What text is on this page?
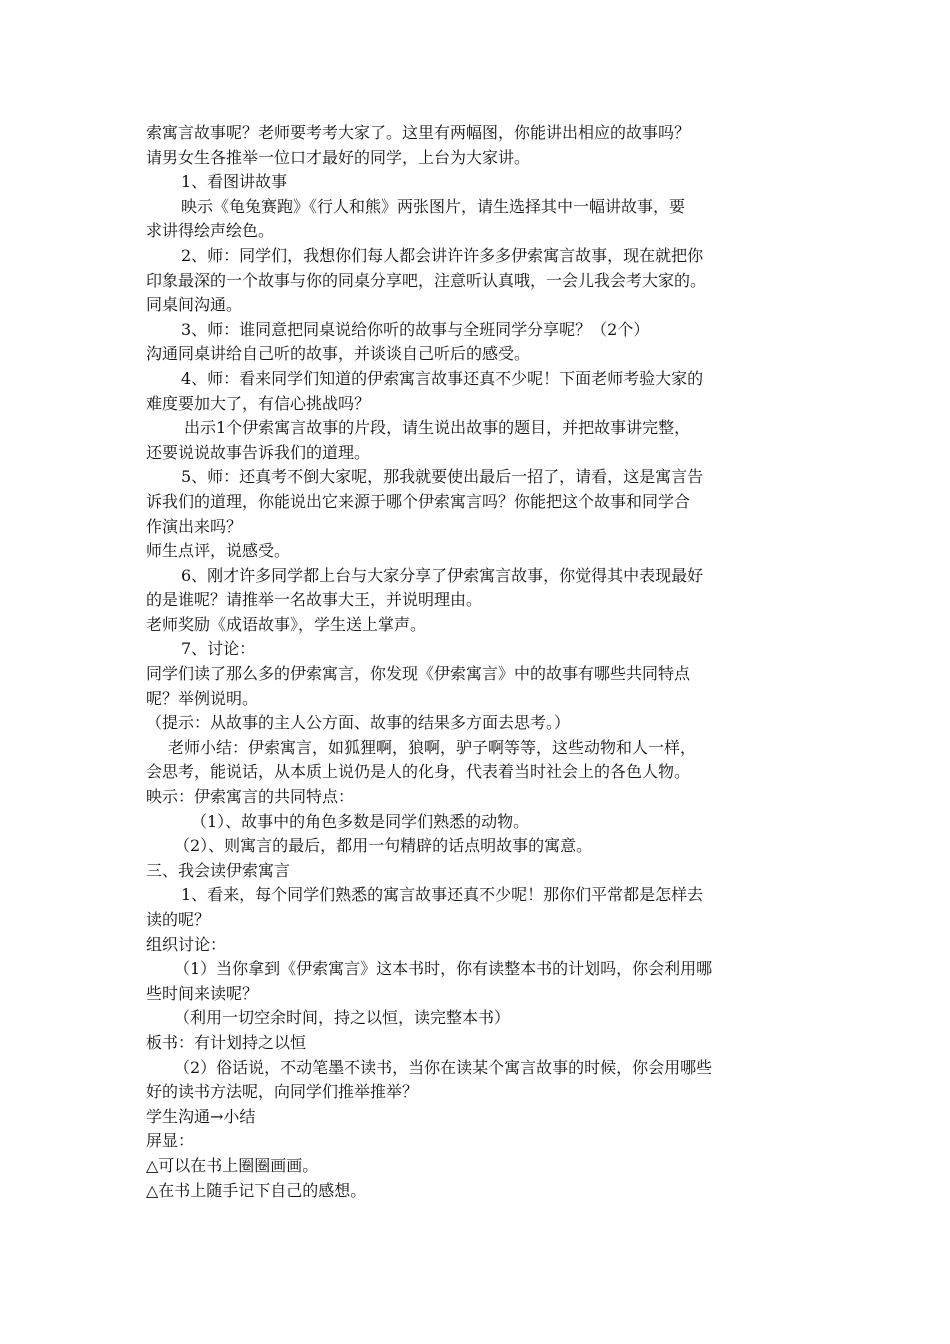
索寓言故事呢？老师要考考大家了。这里有两幅图，你能讲出相应的故事吗？
请男女生各推举一位口才最好的同学，上台为大家讲。
1、看图讲故事
映示《龟兔赛跑》《行人和熊》两张图片，请生选择其中一幅讲故事，要
求讲得绘声绘色。
2、师：同学们，我想你们每人都会讲许许多多伊索寓言故事，现在就把你
印象最深的一个故事与你的同桌分享吧，注意听认真哦，一会儿我会考大家的。
同桌间沟通。
3、师：谁同意把同桌说给你听的故事与全班同学分享呢？（2个）
沟通同桌讲给自己听的故事，并谈谈自己听后的感受。
4、师：看来同学们知道的伊索寓言故事还真不少呢！下面老师考验大家的
难度要加大了，有信心挑战吗？
出示1个伊索寓言故事的片段，请生说出故事的题目，并把故事讲完整，
还要说说故事告诉我们的道理。
5、师：还真考不倒大家呢，那我就要使出最后一招了，请看，这是寓言告
诉我们的道理，你能说出它来源于哪个伊索寓言吗？你能把这个故事和同学合
作演出来吗？
师生点评，说感受。
6、刚才许多同学都上台与大家分享了伊索寓言故事，你觉得其中表现最好
的是谁呢？请推举一名故事大王，并说明理由。
老师奖励《成语故事》，学生送上掌声。
7、讨论：
同学们读了那么多的伊索寓言，你发现《伊索寓言》中的故事有哪些共同特点
呢？举例说明。
（提示：从故事的主人公方面、故事的结果多方面去思考。）
老师小结：伊索寓言，如狐狸啊，狼啊，驴子啊等等，这些动物和人一样，
会思考，能说话，从本质上说仍是人的化身，代表着当时社会上的各色人物。
映示：伊索寓言的共同特点：
（1）、故事中的角色多数是同学们熟悉的动物。
（2）、则寓言的最后，都用一句精辟的话点明故事的寓意。
三、我会读伊索寓言
1、看来，每个同学们熟悉的寓言故事还真不少呢！那你们平常都是怎样去
读的呢？
组织讨论：
（1）当你拿到《伊索寓言》这本书时，你有读整本书的计划吗，你会利用哪
些时间来读呢？
（利用一切空余时间，持之以恒，读完整本书）
板书：有计划持之以恒
（2）俗话说，不动笔墨不读书，当你在读某个寓言故事的时候，你会用哪些
好的读书方法呢，向同学们推举推举？
学生沟通→小结
屏显：
△可以在书上圈圈画画。
△在书上随手记下自己的感想。
